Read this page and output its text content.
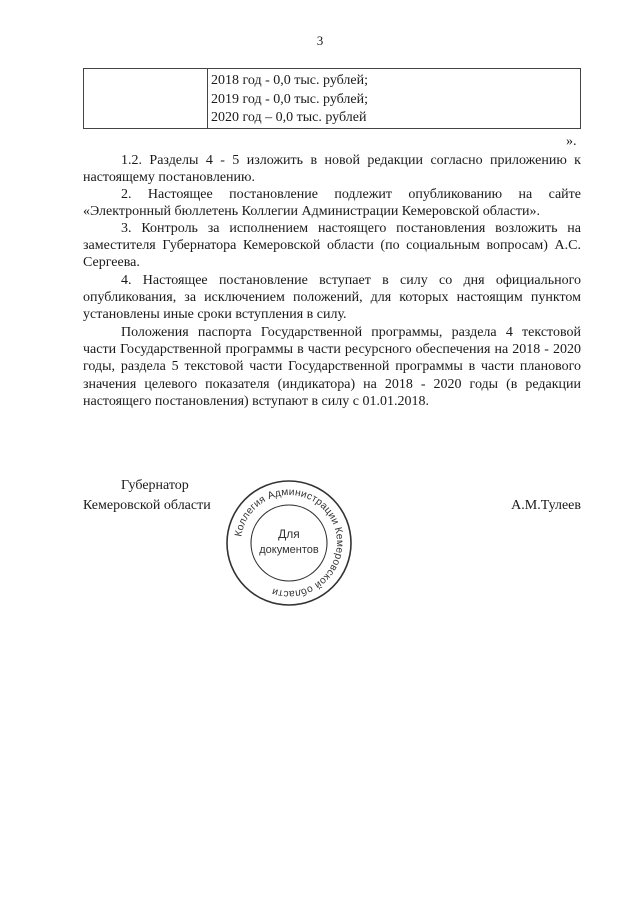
3
2018 год - 0,0 тыс. рублей;
2019 год - 0,0 тыс. рублей;
2020 год – 0,0 тыс. рублей
».

1.2. Разделы 4 - 5 изложить в новой редакции согласно приложению к настоящему постановлению.

2. Настоящее постановление подлежит опубликованию на сайте «Электронный бюллетень Коллегии Администрации Кемеровской области».

3. Контроль за исполнением настоящего постановления возложить на заместителя Губернатора Кемеровской области (по социальным вопросам) А.С. Сергеева.

4. Настоящее постановление вступает в силу со дня официального опубликования, за исключением положений, для которых настоящим пунктом установлены иные сроки вступления в силу.

Положения паспорта Государственной программы, раздела 4 текстовой части Государственной программы в части ресурсного обеспечения на 2018 - 2020 годы, раздела 5 текстовой части Государственной программы в части планового значения целевого показателя (индикатора) на 2018 - 2020 годы (в редакции настоящего постановления) вступают в силу с 01.01.2018.

Губернатор
Кемеровской области	А.М.Тулеев
Коллегия Администрации Кемеровской области
Для
документов
